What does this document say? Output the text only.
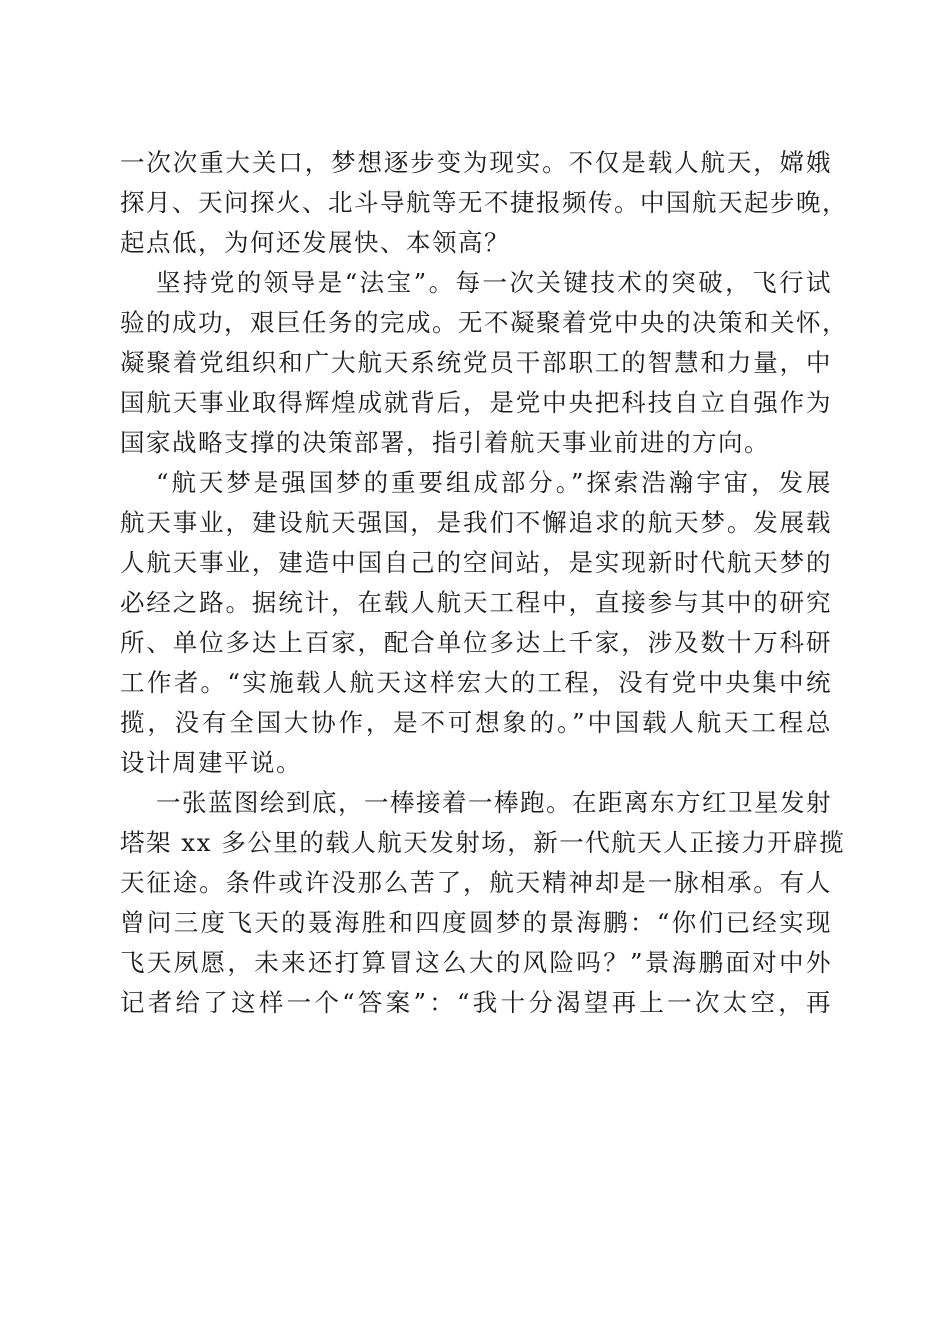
一次次重大关口，梦想逐步变为现实。不仅是载人航天，嫦娥
探月、天问探火、北斗导航等无不捷报频传。中国航天起步晚，
起点低，为何还发展快、本领高？
坚持党的领导是“法宝”。每一次关键技术的突破，飞行试
验的成功，艰巨任务的完成。无不凝聚着党中央的决策和关怀，
凝聚着党组织和广大航天系统党员干部职工的智慧和力量，中
国航天事业取得辉煌成就背后，是党中央把科技自立自强作为
国家战略支撑的决策部署，指引着航天事业前进的方向。
“航天梦是强国梦的重要组成部分。”探索浩瀚宇宙，发展
航天事业，建设航天强国，是我们不懈追求的航天梦。发展载
人航天事业，建造中国自己的空间站，是实现新时代航天梦的
必经之路。据统计，在载人航天工程中，直接参与其中的研究
所、单位多达上百家，配合单位多达上千家，涉及数十万科研
工作者。“实施载人航天这样宏大的工程，没有党中央集中统
揽，没有全国大协作，是不可想象的。”中国载人航天工程总
设计周建平说。
一张蓝图绘到底，一棒接着一棒跑。在距离东方红卫星发射
塔架 xx 多公里的载人航天发射场，新一代航天人正接力开辟揽
天征途。条件或许没那么苦了，航天精神却是一脉相承。有人
曾问三度飞天的聂海胜和四度圆梦的景海鹏：“你们已经实现
飞天夙愿，未来还打算冒这么大的风险吗？”景海鹏面对中外
记者给了这样一个“答案”：“我十分渴望再上一次太空，再
